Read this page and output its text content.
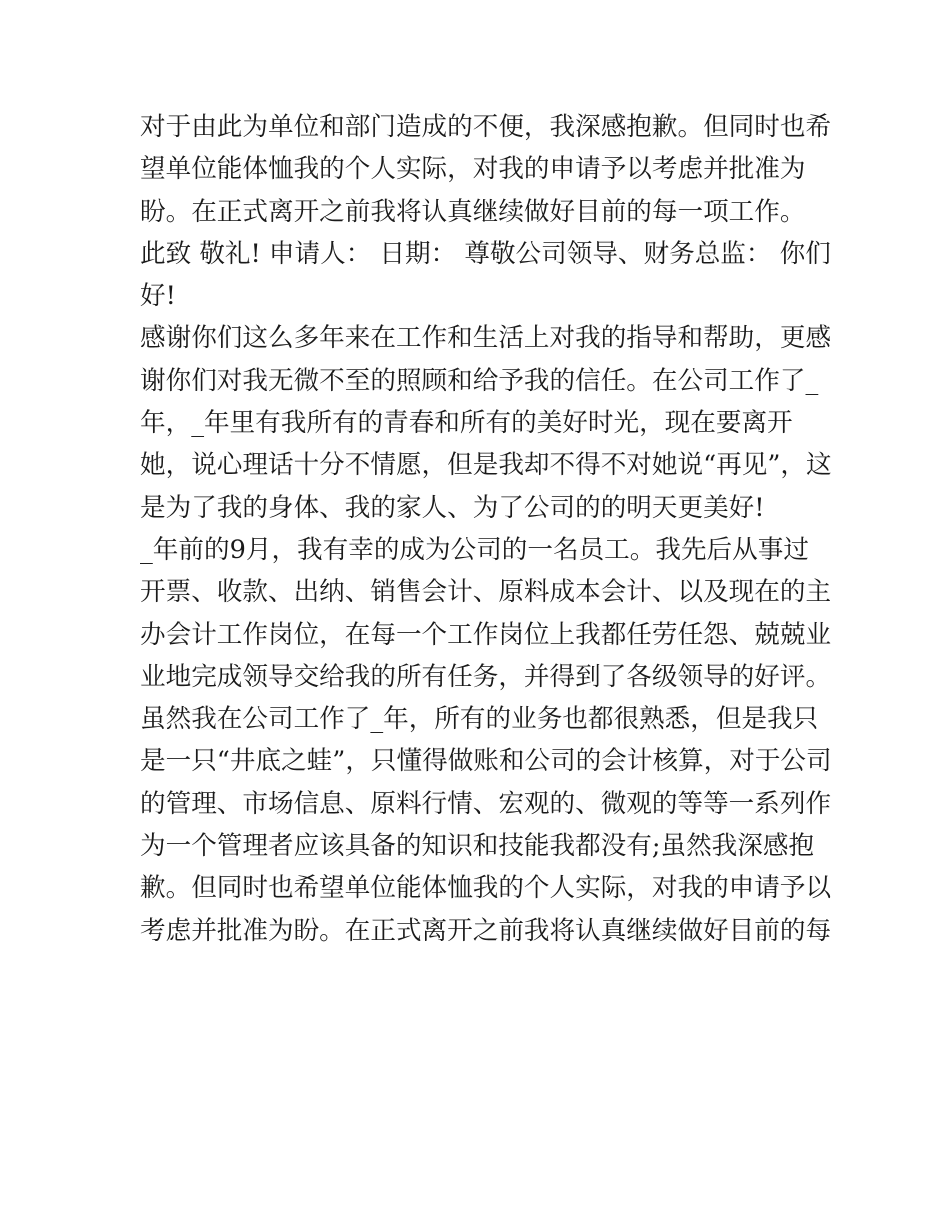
对于由此为单位和部门造成的不便，我深感抱歉。但同时也希
望单位能体恤我的个人实际，对我的申请予以考虑并批准为
盼。在正式离开之前我将认真继续做好目前的每一项工作。
此致 敬礼! 申请人： 日期： 尊敬公司领导、财务总监： 你们
好!
感谢你们这么多年来在工作和生活上对我的指导和帮助，更感
谢你们对我无微不至的照顾和给予我的信任。在公司工作了_
年，_年里有我所有的青春和所有的美好时光，现在要离开
她，说心理话十分不情愿，但是我却不得不对她说“再见”，这
是为了我的身体、我的家人、为了公司的的明天更美好!
_年前的9月，我有幸的成为公司的一名员工。我先后从事过
开票、收款、出纳、销售会计、原料成本会计、以及现在的主
办会计工作岗位，在每一个工作岗位上我都任劳任怨、兢兢业
业地完成领导交给我的所有任务，并得到了各级领导的好评。
虽然我在公司工作了_年，所有的业务也都很熟悉，但是我只
是一只“井底之蛙”，只懂得做账和公司的会计核算，对于公司
的管理、市场信息、原料行情、宏观的、微观的等等一系列作
为一个管理者应该具备的知识和技能我都没有;虽然我深感抱
歉。但同时也希望单位能体恤我的个人实际，对我的申请予以
考虑并批准为盼。在正式离开之前我将认真继续做好目前的每
